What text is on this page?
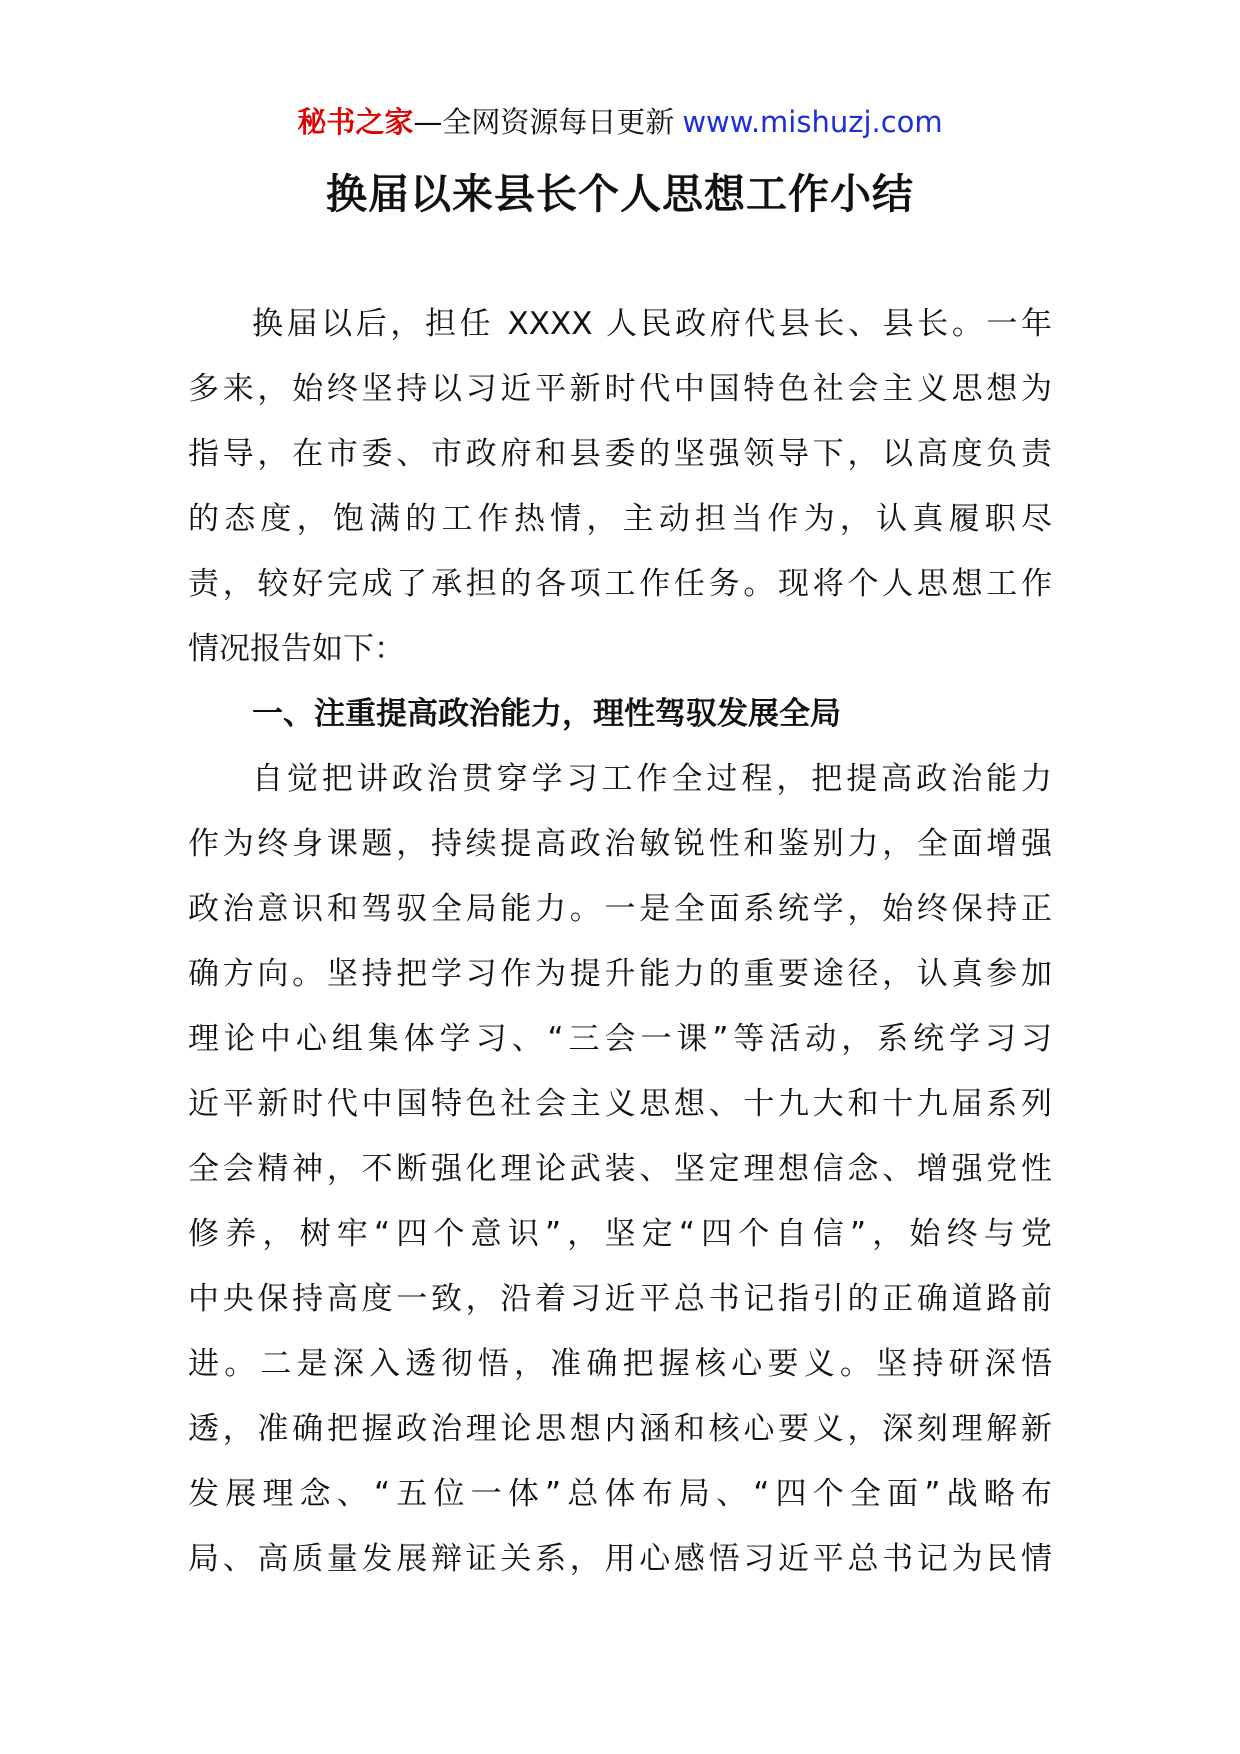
秘书之家—全网资源每日更新 www.mishuzj.com
换届以来县长个人思想工作小结
换届以后，担任 XXXX 人民政府代县长、县长。一年
多来，始终坚持以习近平新时代中国特色社会主义思想为
指导，在市委、市政府和县委的坚强领导下，以高度负责
的态度，饱满的工作热情，主动担当作为，认真履职尽
责，较好完成了承担的各项工作任务。现将个人思想工作
情况报告如下：
一、注重提高政治能力，理性驾驭发展全局
自觉把讲政治贯穿学习工作全过程，把提高政治能力
作为终身课题，持续提高政治敏锐性和鉴别力，全面增强
政治意识和驾驭全局能力。一是全面系统学，始终保持正
确方向。坚持把学习作为提升能力的重要途径，认真参加
理论中心组集体学习、“三会一课”等活动，系统学习习
近平新时代中国特色社会主义思想、十九大和十九届系列
全会精神，不断强化理论武装、坚定理想信念、增强党性
修养，树牢“四个意识”，坚定“四个自信”，始终与党
中央保持高度一致，沿着习近平总书记指引的正确道路前
进。二是深入透彻悟，准确把握核心要义。坚持研深悟
透，准确把握政治理论思想内涵和核心要义，深刻理解新
发展理念、“五位一体”总体布局、“四个全面”战略布
局、高质量发展辩证关系，用心感悟习近平总书记为民情
